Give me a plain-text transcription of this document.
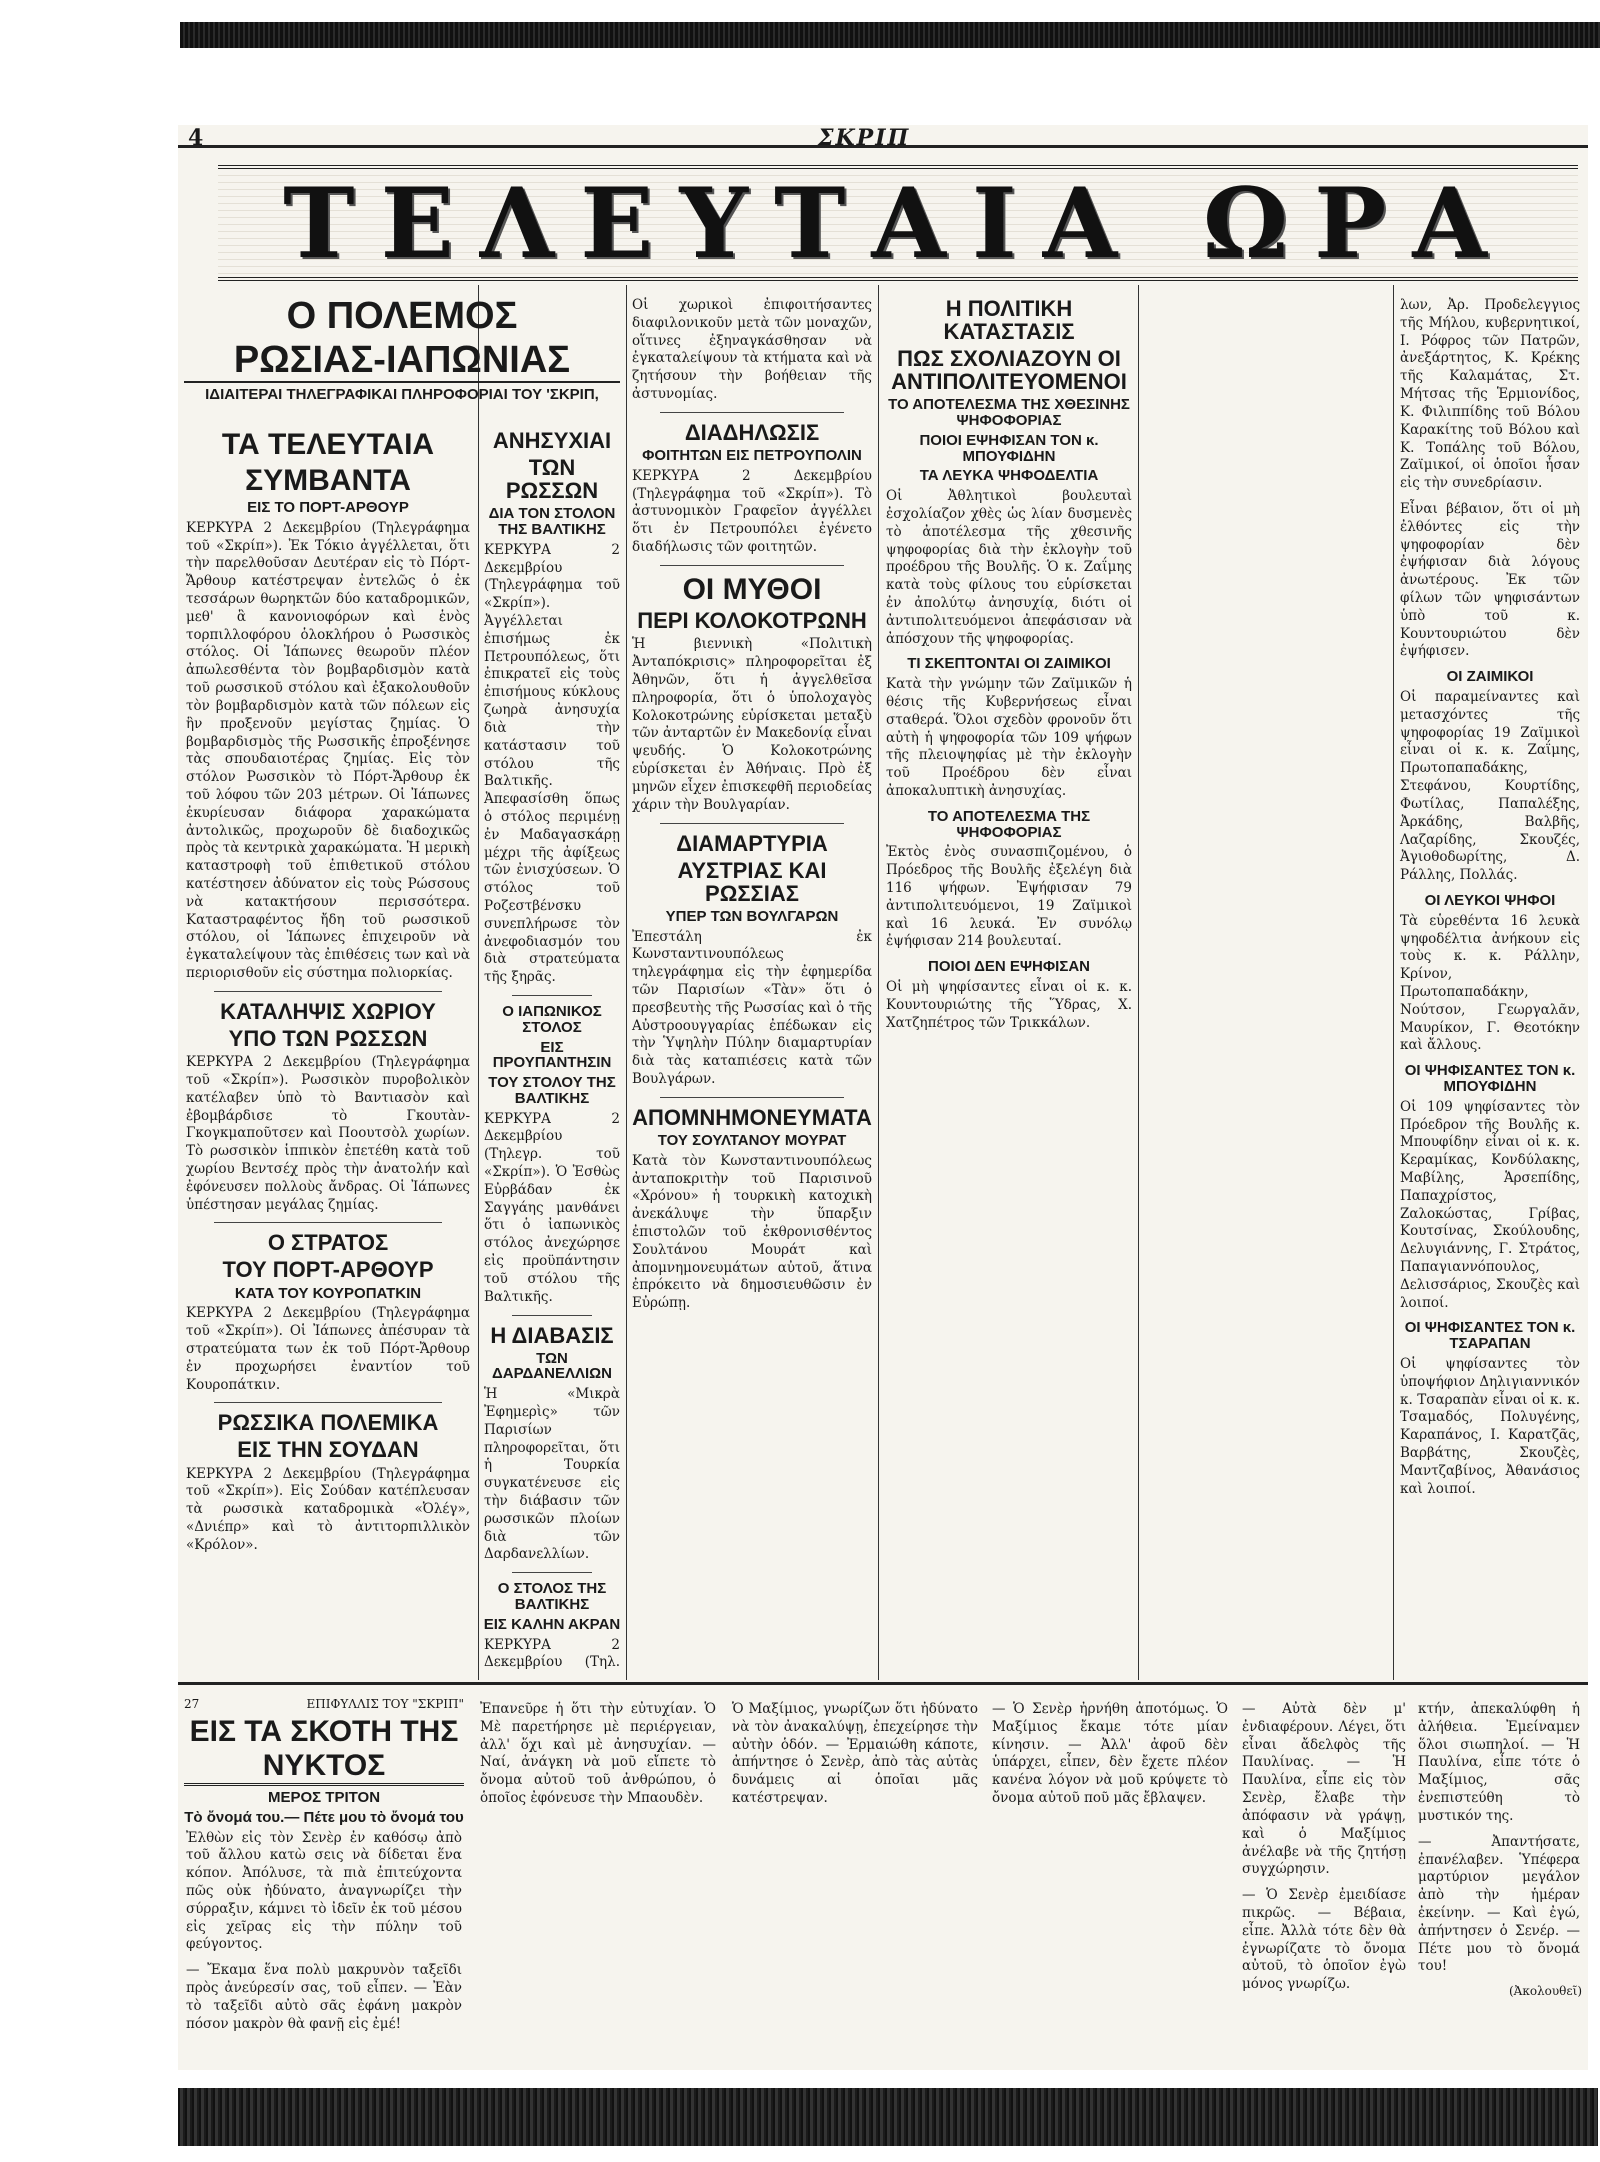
4	ΣΚΡΙΠ
ΤΕΛΕΥΤΑΙΑ ΩΡΑ
Ο ΠΟΛΕΜΟΣ
ΡΩΣΙΑΣ-ΙΑΠΩΝΙΑΣ
ΙΔΙΑΙΤΕΡΑΙ ΤΗΛΕΓΡΑΦΙΚΑΙ ΠΛΗΡΟΦΟΡΙΑΙ ΤΟΥ 'ΣΚΡΙΠ,
ΤΑ ΤΕΛΕΥΤΑΙΑ
ΣΥΜΒΑΝΤΑ
ΕΙΣ ΤΟ ΠΟΡΤ-ΑΡΘΟΥΡ

ΚΕΡΚΥΡΑ 2 Δεκεμβρίου (Τηλεγράφημα τοῦ «Σκρίπ»). Ἐκ Τόκιο ἀγγέλλεται, ὅτι τὴν παρελθοῦσαν Δευτέραν εἰς τὸ Πόρτ-Ἄρθουρ κατέστρεψαν ἐντελῶς ὁ ἐκ τεσσάρων θωρηκτῶν δύο καταδρομικῶν, μεθ' ἃ κανονιοφόρων καὶ ἑνὸς τορπιλλοφόρου ὁλοκλήρου ὁ Ρωσσικὸς στόλος. Οἱ Ἰάπωνες θεωροῦν πλέον ἀπωλεσθέντα τὸν βομβαρδισμὸν κατὰ τοῦ ρωσσικοῦ στόλου καὶ ἐξακολουθοῦν τὸν βομβαρδισμὸν κατὰ τῶν πόλεων εἰς ἣν προξενοῦν μεγίστας ζημίας. Ὁ βομβαρδισμὸς τῆς Ρωσσικῆς ἐπροξένησε τὰς σπουδαιοτέρας ζημίας. Εἰς τὸν στόλον Ρωσσικὸν τὸ Πόρτ-Ἄρθουρ ἐκ τοῦ λόφου τῶν 203 μέτρων. Οἱ Ἰάπωνες ἐκυρίευσαν διάφορα χαρακώματα ἀντολικῶς, προχωροῦν δὲ διαδοχικῶς πρὸς τὰ κεντρικὰ χαρακώματα. Ἡ μερικὴ καταστροφὴ τοῦ ἐπιθετικοῦ στόλου κατέστησεν ἀδύνατον εἰς τοὺς Ρώσσους νὰ κατακτήσουν περισσότερα. Καταστραφέντος ἤδη τοῦ ρωσσικοῦ στόλου, οἱ Ἰάπωνες ἐπιχειροῦν νὰ ἐγκαταλείψουν τὰς ἐπιθέσεις των καὶ νὰ περιορισθοῦν εἰς σύστημα πολιορκίας.

ΚΑΤΑΛΗΨΙΣ ΧΩΡΙΟΥ
ΥΠΟ ΤΩΝ ΡΩΣΣΩΝ

ΚΕΡΚΥΡΑ 2 Δεκεμβρίου (Τηλεγράφημα τοῦ «Σκρίπ»). Ρωσσικὸν πυροβολικὸν κατέλαβεν ὑπὸ τὸ Βαντιασὸν καὶ ἐβομβάρδισε τὸ Γκουτὰν-Γκογκμαποῦτσεν καὶ Ποουτσὸλ χωρίων. Τὸ ρωσσικὸν ἱππικὸν ἐπετέθη κατὰ τοῦ χωρίου Βεντσέχ πρὸς τὴν ἀνατολήν καὶ ἐφόνευσεν πολλοὺς ἄνδρας. Οἱ Ἰάπωνες ὑπέστησαν μεγάλας ζημίας.

Ο ΣΤΡΑΤΟΣ
ΤΟΥ ΠΟΡΤ-ΑΡΘΟΥΡ
ΚΑΤΑ ΤΟΥ ΚΟΥΡΟΠΑΤΚΙΝ

ΚΕΡΚΥΡΑ 2 Δεκεμβρίου (Τηλεγράφημα τοῦ «Σκρίπ»). Οἱ Ἰάπωνες ἀπέσυραν τὰ στρατεύματα των ἐκ τοῦ Πόρτ-Ἄρθουρ ἐν προχωρήσει ἐναντίον τοῦ Κουροπάτκιν.

ΡΩΣΣΙΚΑ ΠΟΛΕΜΙΚΑ
ΕΙΣ ΤΗΝ ΣΟΥΔΑΝ

ΚΕΡΚΥΡΑ 2 Δεκεμβρίου (Τηλεγράφημα τοῦ «Σκρίπ»). Εἰς Σούδαν κατέπλευσαν τὰ ρωσσικὰ καταδρομικὰ «Ὀλέγ», «Δνιέπρ» καὶ τὸ ἀντιτορπιλλικὸν «Κρόλον».

ΑΝΗΣΥΧΙΑΙ
ΤΩΝ ΡΩΣΣΩΝ
ΔΙΑ ΤΟΝ ΣΤΟΛΟΝ ΤΗΣ ΒΑΛΤΙΚΗΣ

ΚΕΡΚΥΡΑ 2 Δεκεμβρίου (Τηλεγράφημα τοῦ «Σκρίπ»). Ἀγγέλλεται ἐπισήμως ἐκ Πετρουπόλεως, ὅτι ἐπικρατεῖ εἰς τοὺς ἐπισήμους κύκλους ζωηρὰ ἀνησυχία διὰ τὴν κατάστασιν τοῦ στόλου τῆς Βαλτικῆς. Ἀπεφασίσθη ὅπως ὁ στόλος περιμένῃ ἐν Μαδαγασκάρῃ μέχρι τῆς ἀφίξεως τῶν ἐνισχύσεων. Ὁ στόλος τοῦ Ροζεστβένσκυ συνεπλήρωσε τὸν ἀνεφοδιασμόν του διὰ στρατεύματα τῆς ξηρᾶς.

Ο ΙΑΠΩΝΙΚΟΣ ΣΤΟΛΟΣ
ΕΙΣ ΠΡΟΥΠΑΝΤΗΣΙΝ
ΤΟΥ ΣΤΟΛΟΥ ΤΗΣ ΒΑΛΤΙΚΗΣ

ΚΕΡΚΥΡΑ 2 Δεκεμβρίου (Τηλεγρ. τοῦ «Σκρίπ»). Ὁ Ἐσθὼς Εὐρβάδαν ἐκ Σαγγάης μανθάνει ὅτι ὁ ἰαπωνικὸς στόλος ἀνεχώρησε εἰς προϋπάντησιν τοῦ στόλου τῆς Βαλτικῆς.

Η ΔΙΑΒΑΣΙΣ
ΤΩΝ ΔΑΡΔΑΝΕΛΛΙΩΝ

Ἡ «Μικρὰ Ἐφημερὶς» τῶν Παρισίων πληροφορεῖται, ὅτι ἡ Τουρκία συγκατένευσε εἰς τὴν διάβασιν τῶν ρωσσικῶν πλοίων διὰ τῶν Δαρδανελλίων.

Ο ΣΤΟΛΟΣ ΤΗΣ ΒΑΛΤΙΚΗΣ
ΕΙΣ ΚΑΛΗΝ ΑΚΡΑΝ

ΚΕΡΚΥΡΑ 2 Δεκεμβρίου (Τηλ.

Οἱ χωρικοὶ ἐπιφοιτήσαντες διαφιλονικοῦν μετὰ τῶν μοναχῶν, οἵτινες ἐξηναγκάσθησαν νὰ ἐγκαταλείψουν τὰ κτήματα καὶ νὰ ζητήσουν τὴν βοήθειαν τῆς ἀστυνομίας.

ΔΙΑΔΗΛΩΣΙΣ
ΦΟΙΤΗΤΩΝ ΕΙΣ ΠΕΤΡΟΥΠΟΛΙΝ

ΚΕΡΚΥΡΑ 2 Δεκεμβρίου (Τηλεγράφημα τοῦ «Σκρίπ»). Τὸ ἀστυνομικὸν Γραφεῖον ἀγγέλλει ὅτι ἐν Πετρουπόλει ἐγένετο διαδήλωσις τῶν φοιτητῶν.

ΟΙ ΜΥΘΟΙ
ΠΕΡΙ ΚΟΛΟΚΟΤΡΩΝΗ

Ἡ βιεννικὴ «Πολιτικὴ Ἀνταπόκρισις» πληροφορεῖται ἐξ Ἀθηνῶν, ὅτι ἡ ἀγγελθεῖσα πληροφορία, ὅτι ὁ ὑπολοχαγὸς Κολοκοτρώνης εὑρίσκεται μεταξὺ τῶν ἀνταρτῶν ἐν Μακεδονίᾳ εἶναι ψευδής. Ὁ Κολοκοτρώνης εὑρίσκεται ἐν Ἀθήναις. Πρὸ ἐξ μηνῶν εἶχεν ἐπισκεφθῆ περιοδείας χάριν τὴν Βουλγαρίαν.

ΔΙΑΜΑΡΤΥΡΙΑ
ΑΥΣΤΡΙΑΣ ΚΑΙ ΡΩΣΣΙΑΣ
ΥΠΕΡ ΤΩΝ ΒΟΥΛΓΑΡΩΝ

Ἐπεστάλη ἐκ Κωνσταντινουπόλεως τηλεγράφημα εἰς τὴν ἐφημερίδα τῶν Παρισίων «Τὰν» ὅτι ὁ πρεσβευτὴς τῆς Ρωσσίας καὶ ὁ τῆς Αὐστροουγγαρίας ἐπέδωκαν εἰς τὴν Ὑψηλὴν Πύλην διαμαρτυρίαν διὰ τὰς καταπιέσεις κατὰ τῶν Βουλγάρων.

ΑΠΟΜΝΗΜΟΝΕΥΜΑΤΑ
ΤΟΥ ΣΟΥΛΤΑΝΟΥ ΜΟΥΡΑΤ

Κατὰ τὸν Κωνσταντινουπόλεως ἀνταποκριτὴν τοῦ Παρισινοῦ «Χρόνου» ἡ τουρκικὴ κατοχικὴ ἀνεκάλυψε τὴν ὕπαρξιν ἐπιστολῶν τοῦ ἐκθρονισθέντος Σουλτάνου Μουράτ καὶ ἀπομνημονευμάτων αὐτοῦ, ἅτινα ἐπρόκειτο νὰ δημοσιευθῶσιν ἐν Εὐρώπῃ.

Η ΠΟΛΙΤΙΚΗ ΚΑΤΑΣΤΑΣΙΣ
ΠΩΣ ΣΧΟΛΙΑΖΟΥΝ ΟΙ ΑΝΤΙΠΟΛΙΤΕΥΟΜΕΝΟΙ
ΤΟ ΑΠΟΤΕΛΕΣΜΑ ΤΗΣ ΧΘΕΣΙΝΗΣ ΨΗΦΟΦΟΡΙΑΣ
ΠΟΙΟΙ ΕΨΗΦΙΣΑΝ ΤΟΝ κ. ΜΠΟΥΦΙΔΗΝ
ΤΑ ΛΕΥΚΑ ΨΗΦΟΔΕΛΤΙΑ

Οἱ Ἀθλητικοὶ βουλευταὶ ἐσχολίαζον χθὲς ὡς λίαν δυσμενὲς τὸ ἀποτέλεσμα τῆς χθεσινῆς ψηφοφορίας διὰ τὴν ἐκλογὴν τοῦ προέδρου τῆς Βουλῆς. Ὁ κ. Ζαΐμης κατὰ τοὺς φίλους του εὑρίσκεται ἐν ἀπολύτῳ ἀνησυχίᾳ, διότι οἱ ἀντιπολιτευόμενοι ἀπεφάσισαν νὰ ἀπόσχουν τῆς ψηφοφορίας.

ΤΙ ΣΚΕΠΤΟΝΤΑΙ ΟΙ ΖΑΙΜΙΚΟΙ

Κατὰ τὴν γνώμην τῶν Ζαϊμικῶν ἡ θέσις τῆς Κυβερνήσεως εἶναι σταθερά. Ὅλοι σχεδὸν φρονοῦν ὅτι αὐτὴ ἡ ψηφοφορία τῶν 109 ψήφων τῆς πλειοψηφίας μὲ τὴν ἐκλογὴν τοῦ Προέδρου δὲν εἶναι ἀποκαλυπτικὴ ἀνησυχίας.

ΤΟ ΑΠΟΤΕΛΕΣΜΑ ΤΗΣ ΨΗΦΟΦΟΡΙΑΣ

Ἐκτὸς ἐνὸς συνασπιζομένου, ὁ Πρόεδρος τῆς Βουλῆς ἐξελέγη διὰ 116 ψήφων. Ἐψήφισαν 79 ἀντιπολιτευόμενοι, 19 Ζαϊμικοὶ καὶ 16 λευκά. Ἐν συνόλῳ ἐψήφισαν 214 βουλευταί.

ΠΟΙΟΙ ΔΕΝ ΕΨΗΦΙΣΑΝ

Οἱ μὴ ψηφίσαντες εἶναι οἱ κ. κ. Κουντουριώτης τῆς Ὕδρας, Χ. Χατζηπέτρος τῶν Τρικκάλων.

λων, Ἀρ. Προδελεγγιος τῆς Μήλου, κυβερνητικοί, Ι. Ρόφρος τῶν Πατρῶν, ἀνεξάρτητος, Κ. Κρέκης τῆς Καλαμάτας, Στ. Μήτσας τῆς Ἑρμιονίδος, Κ. Φιλιππίδης τοῦ Βόλου Καρακίτης τοῦ Βόλου καὶ Κ. Τοπάλης τοῦ Βόλου, Ζαϊμικοί, οἱ ὁποῖοι ἦσαν εἰς τὴν συνεδρίασιν.

Εἶναι βέβαιον, ὅτι οἱ μὴ ἐλθόντες εἰς τὴν ψηφοφορίαν δὲν ἐψήφισαν διὰ λόγους ἀνωτέρους. Ἐκ τῶν φίλων τῶν ψηφισάντων ὑπὸ τοῦ κ. Κουντουριώτου δὲν ἐψήφισεν.

ΟΙ ΖΑΙΜΙΚΟΙ

Οἱ παραμείναντες καὶ μετασχόντες τῆς ψηφοφορίας 19 Ζαϊμικοὶ εἶναι οἱ κ. κ. Ζαΐμης, Πρωτοπαπαδάκης, Στεφάνου, Κουρτίδης, Φωτίλας, Παπαλέξης, Ἀρκάδης, Βαλβῆς, Λαζαρίδης, Σκουζές, Ἀγιοθοδωρίτης, Δ. Ράλλης, Πολλάς.

ΟΙ ΛΕΥΚΟΙ ΨΗΦΟΙ

Τὰ εὑρεθέντα 16 λευκὰ ψηφοδέλτια ἀνήκουν εἰς τοὺς κ. κ. Ράλλην, Κρίνον, Πρωτοπαπαδάκην, Νούτσον, Γεωργαλᾶν, Μαυρίκον, Γ. Θεοτόκην καὶ ἄλλους.

ΟΙ ΨΗΦΙΣΑΝΤΕΣ ΤΟΝ κ. ΜΠΟΥΦΙΔΗΝ

Οἱ 109 ψηφίσαντες τὸν Πρόεδρον τῆς Βουλῆς κ. Μπουφίδην εἶναι οἱ κ. κ. Κεραμίκας, Κονδύλακης, Μαβίλης, Ἁρσεπίδης, Παπαχρίστος, Ζαλοκώστας, Γρίβας, Κουτσίνας, Σκούλουδης, Δελυγιάννης, Γ. Στράτος, Παπαγιαννόπουλος, Δελισσάριος, Σκουζὲς καὶ λοιποί.

ΟΙ ΨΗΦΙΣΑΝΤΕΣ ΤΟΝ κ. ΤΣΑΡΑΠΑΝ

Οἱ ψηφίσαντες τὸν ὑποψήφιον Δηλιγιαννικόν κ. Τσαραπὰν εἶναι οἱ κ. κ. Τσαμαδός, Πολυγένης, Καραπάνος, Ι. Καρατζᾶς, Βαρβάτης, Σκουζὲς, Μαντζαβίνος, Ἀθανάσιος καὶ λοιποί.

27	ΕΠΙΦΥΛΛΙΣ ΤΟΥ "ΣΚΡΙΠ"
ΕΙΣ ΤΑ ΣΚΟΤΗ ΤΗΣ ΝΥΚΤΟΣ
ΜΕΡΟΣ ΤΡΙΤΟΝ
Τὸ ὄνομά του.— Πέτε μου τὸ ὄνομά του

Ἐλθὼν εἰς τὸν Σενὲρ ἐν καθόσῳ ἀπὸ τοῦ ἄλλου κατὼ σεις νὰ δίδεται ἕνα κόπον. Ἀπόλυσε, τὰ πιὰ ἐπιτεύχοντα πῶς οὐκ ἠδύνατο, ἀναγνωρίζει τὴν σύρραξιν, κάμνει τὸ ἰδεῖν ἐκ τοῦ μέσου εἰς χεῖρας εἰς τὴν πύλην τοῦ φεύγοντος.

— Ἔκαμα ἕνα πολὺ μακρυνὸν ταξεῖδι πρὸς ἀνεύρεσίν σας, τοῦ εἶπεν. — Ἐὰν τὸ ταξεῖδι αὐτὸ σᾶς ἐφάνη μακρὸν πόσον μακρὸν θὰ φανῇ εἰς ἐμέ!

Ἐπανεῦρε ἡ ὅτι τὴν εὐτυχίαν. Ὁ Μὲ παρετήρησε μὲ περιέργειαν, ἀλλ' ὅχι καὶ μὲ ἀνησυχίαν. — Ναί, ἀνάγκη νὰ μοῦ εἴπετε τὸ ὄνομα αὐτοῦ τοῦ ἀνθρώπου, ὁ ὁποῖος ἐφόνευσε τὴν Μπαουδὲν.

Ὁ Μαξίμιος, γνωρίζων ὅτι ἠδύνατο νὰ τὸν ἀνακαλύψῃ, ἐπεχείρησε τὴν αὐτὴν ὁδόν. — Ἐρμαιώθη κάποτε, ἀπήντησε ὁ Σενὲρ, ἀπὸ τὰς αὐτὰς δυνάμεις αἱ ὁποῖαι μᾶς κατέστρεψαν.

— Ὁ Σενὲρ ἠρνήθη ἀποτόμως. Ὁ Μαξίμιος ἔκαμε τότε μίαν κίνησιν. — Ἀλλ' ἀφοῦ δὲν ὑπάρχει, εἶπεν, δὲν ἔχετε πλέον κανένα λόγον νὰ μοῦ κρύψετε τὸ ὄνομα αὐτοῦ ποῦ μᾶς ἔβλαψεν.

— Αὐτὰ δὲν μ' ἐνδιαφέρουν. Λέγει, ὅτι εἶναι ἄδελφὸς τῆς Παυλίνας. — Ἡ Παυλίνα, εἶπε εἰς τὸν Σενὲρ, ἔλαβε τὴν ἀπόφασιν νὰ γράψῃ, καὶ ὁ Μαξίμιος ἀνέλαβε νὰ τῆς ζητήσῃ συγχώρησιν.

— Ὁ Σενὲρ ἐμειδίασε πικρῶς. — Βέβαια, εἶπε. Ἀλλὰ τότε δὲν θὰ ἐγνωρίζατε τὸ ὄνομα αὐτοῦ, τὸ ὁποῖον ἐγὼ μόνος γνωρίζω.

κτήν, ἀπεκαλύφθη ἡ ἀλήθεια. Ἐμείναμεν ὅλοι σιωπηλοί. — Ἡ Παυλίνα, εἶπε τότε ὁ Μαξίμιος, σᾶς ἐνεπιστεύθη τὸ μυστικόν της.

— Ἀπαντήσατε, ἐπανέλαβεν. Ὑπέφερα μαρτύριον μεγάλον ἀπὸ τὴν ἡμέραν ἐκείνην. — Καὶ ἐγώ, ἀπήντησεν ὁ Σενέρ. — Πέτε μου τὸ ὄνομά του!

(Ἀκολουθεῖ)
